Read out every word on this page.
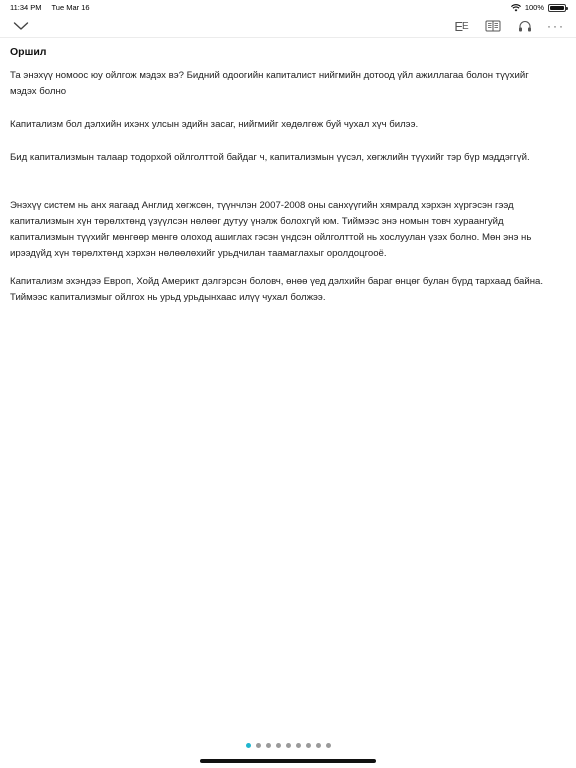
11:34 PM Tue Mar 16	100%
E E	···
Оршил

Та энэхүү номоос юу ойлгож мэдэх вэ? Бидний одоогийн капиталист нийгмийн дотоод үйл ажиллагаа болон түүхийг мэдэх болно

Капитализм бол дэлхийн ихэнх улсын эдийн засаг, нийгмийг хөдөлгөж буй чухал хүч билээ.

Бид капитализмын талаар тодорхой ойлголттой байдаг ч, капитализмын үүсэл, хөгжлийн түүхийг тэр бүр мэддэггүй.

Энэхүү систем нь анх яагаад Англид хөгжсөн, түүнчлэн 2007-2008 оны санхүүгийн хямралд хэрхэн хүргэсэн гээд капитализмын хүн төрөлхтөнд үзүүлсэн нөлөөг дутуу үнэлж болохгүй юм. Тиймээс энэ номын товч хураангуйд капитализмын түүхийг мөнгөөр мөнгө олоход ашиглах гэсэн үндсэн ойлголттой нь хослуулан үзэх болно. Мөн энэ нь ирээдүйд хүн төрөлхтөнд хэрхэн нөлөөлөхийг урьдчилан таамаглахыг оролдоцгооё.

Капитализм эхэндээ Европ, Хойд Америкт дэлгэрсэн боловч, өнөө үед дэлхийн бараг өнцөг булан бүрд тархаад байна. Тиймээс капитализмыг ойлгох нь урьд урьдынхаас илүү чухал болжээ.
